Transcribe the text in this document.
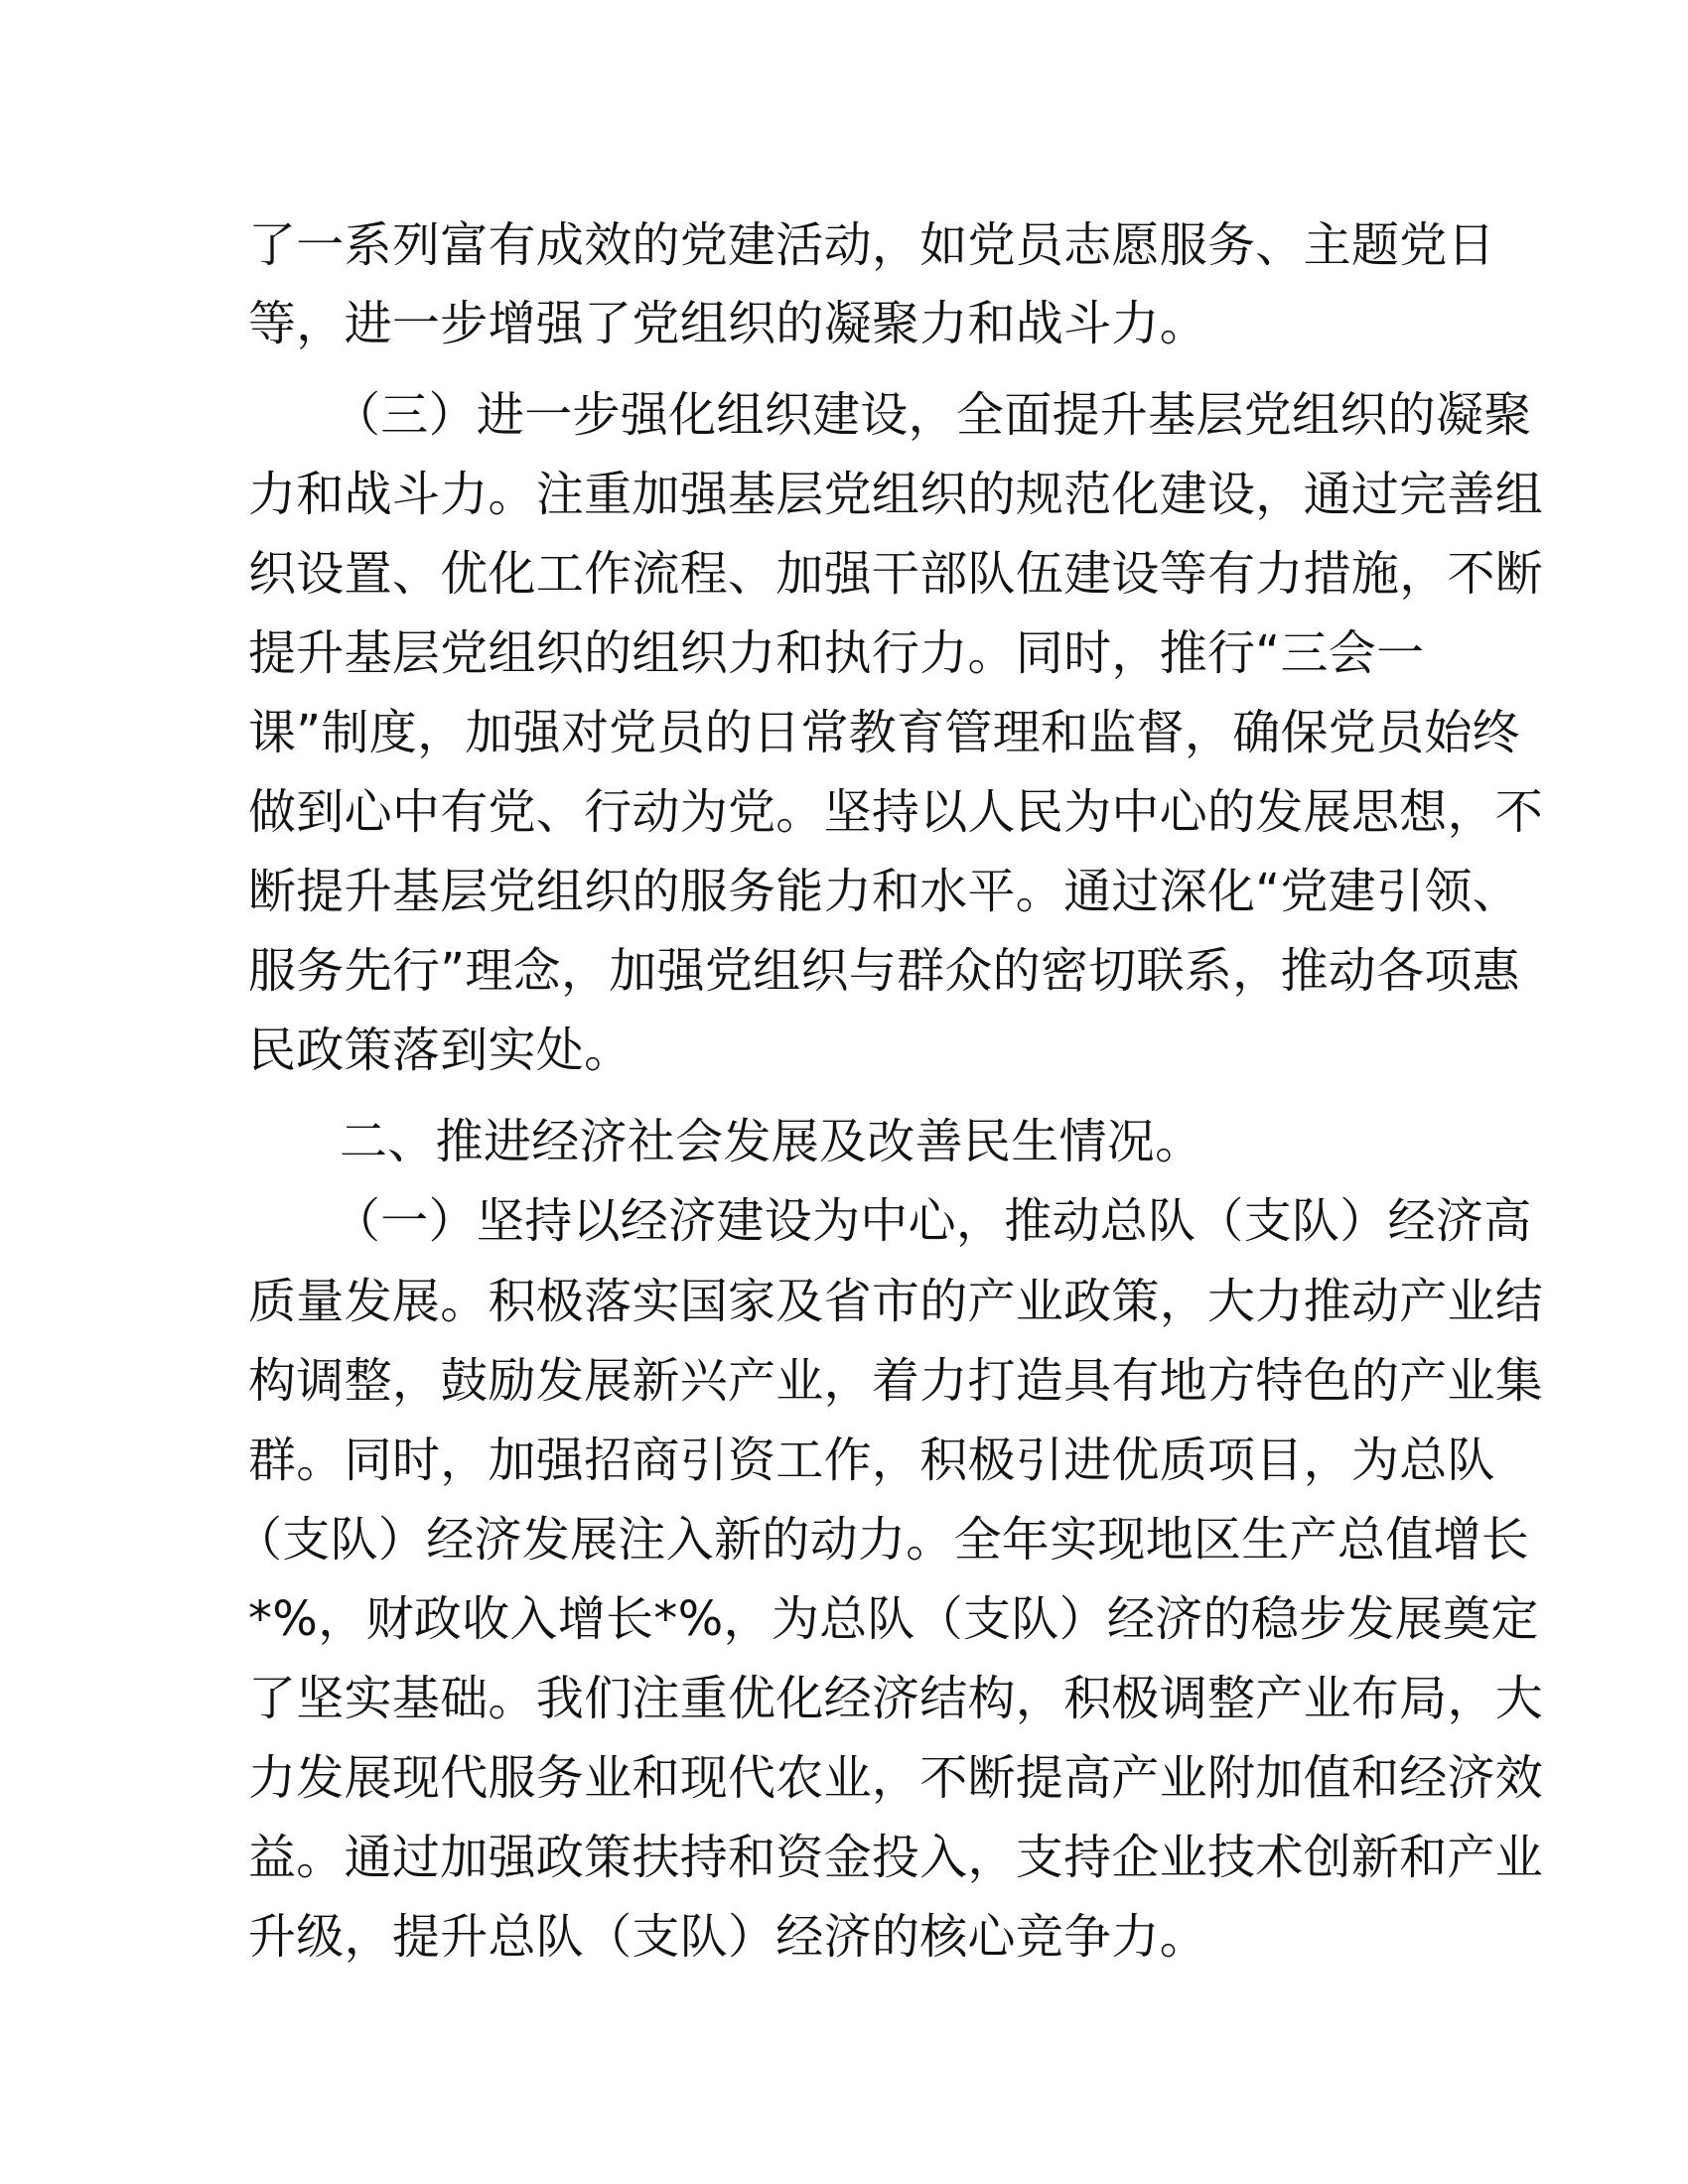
了一系列富有成效的党建活动，如党员志愿服务、主题党日
等，进一步增强了党组织的凝聚力和战斗力。
（三）进一步强化组织建设，全面提升基层党组织的凝聚
力和战斗力。注重加强基层党组织的规范化建设，通过完善组
织设置、优化工作流程、加强干部队伍建设等有力措施，不断
提升基层党组织的组织力和执行力。同时，推行“三会一
课”制度，加强对党员的日常教育管理和监督，确保党员始终
做到心中有党、行动为党。坚持以人民为中心的发展思想，不
断提升基层党组织的服务能力和水平。通过深化“党建引领、
服务先行”理念，加强党组织与群众的密切联系，推动各项惠
民政策落到实处。
二、推进经济社会发展及改善民生情况。
（一）坚持以经济建设为中心，推动总队（支队）经济高
质量发展。积极落实国家及省市的产业政策，大力推动产业结
构调整，鼓励发展新兴产业，着力打造具有地方特色的产业集
群。同时，加强招商引资工作，积极引进优质项目，为总队
（支队）经济发展注入新的动力。全年实现地区生产总值增长
*%，财政收入增长*%，为总队（支队）经济的稳步发展奠定
了坚实基础。我们注重优化经济结构，积极调整产业布局，大
力发展现代服务业和现代农业，不断提高产业附加值和经济效
益。通过加强政策扶持和资金投入，支持企业技术创新和产业
升级，提升总队（支队）经济的核心竞争力。
